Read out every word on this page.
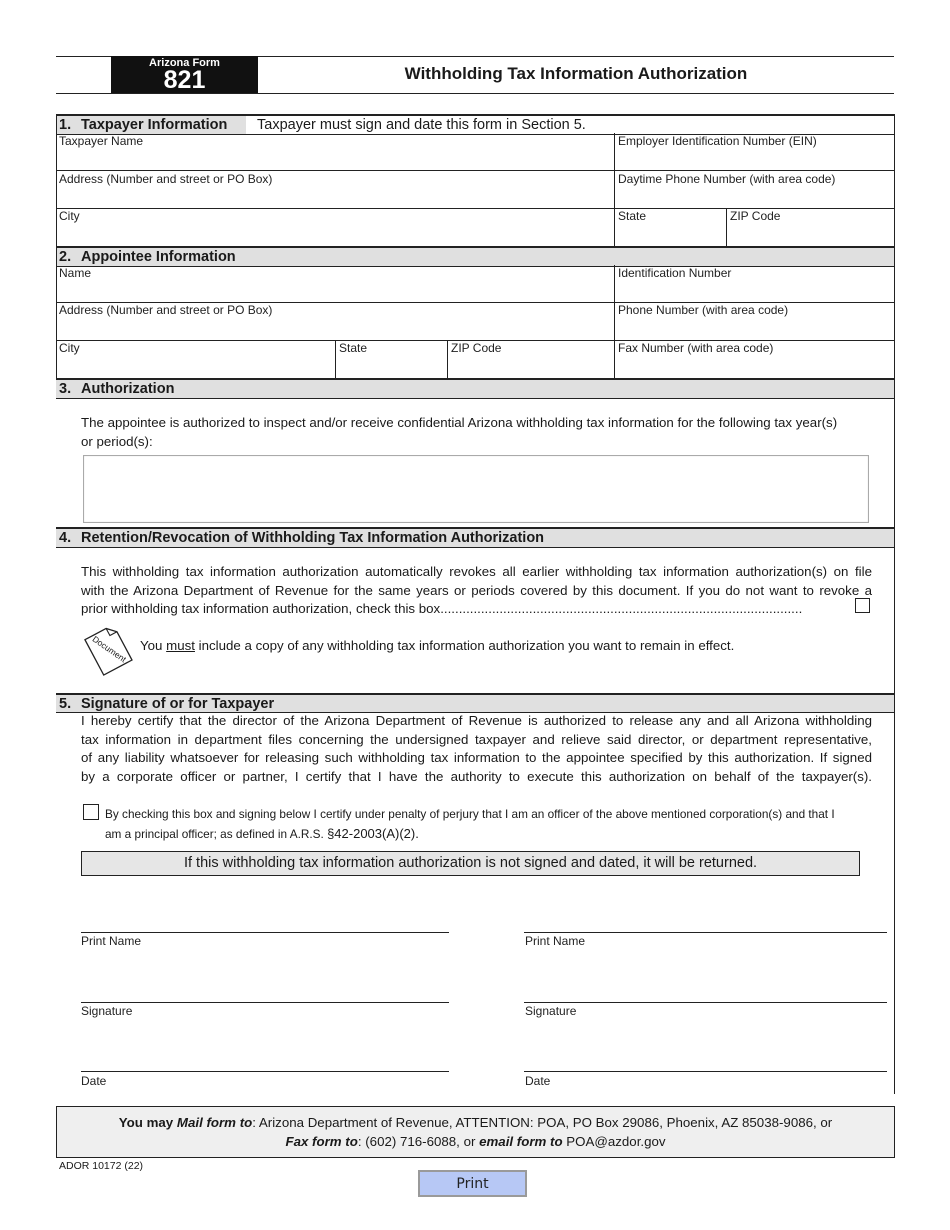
Arizona Form
821	Withholding Tax Information Authorization
1. Taxpayer Information Taxpayer must sign and date this form in Section 5.
Taxpayer Name	Employer Identification Number (EIN)
Address (Number and street or PO Box)	Daytime Phone Number (with area code)
City	State	ZIP Code
2. Appointee Information
Name	Identification Number
Address (Number and street or PO Box)	Phone Number (with area code)
City	State	ZIP Code	Fax Number (with area code)
3. Authorization
The appointee is authorized to inspect and/or receive confidential Arizona withholding tax information for the following tax year(s)
or period(s):
4. Retention/Revocation of Withholding Tax Information Authorization
This withholding tax information authorization automatically revokes all earlier withholding tax information authorization(s) on file
with the Arizona Department of Revenue for the same years or periods covered by this document. If you do not want to revoke a
prior withholding tax information authorization, check this box..................................................................................................
Document You must include a copy of any withholding tax information authorization you want to remain in effect.
5. Signature of or for Taxpayer
I hereby certify that the director of the Arizona Department of Revenue is authorized to release any and all Arizona withholding
tax information in department files concerning the undersigned taxpayer and relieve said director, or department representative,
of any liability whatsoever for releasing such withholding tax information to the appointee specified by this authorization. If signed
by a corporate officer or partner, I certify that I have the authority to execute this authorization on behalf of the taxpayer(s).
By checking this box and signing below I certify under penalty of perjury that I am an officer of the above mentioned corporation(s) and that I
am a principal officer; as defined in A.R.S. §42-2003(A)(2).
If this withholding tax information authorization is not signed and dated, it will be returned.
Print Name
Signature
Date
Print Name
Signature
Date
You may Mail form to: Arizona Department of Revenue, ATTENTION: POA, PO Box 29086, Phoenix, AZ 85038-9086, or
Fax form to: (602) 716-6088, or email form to POA@azdor.gov
ADOR 10172 (22)
Print
